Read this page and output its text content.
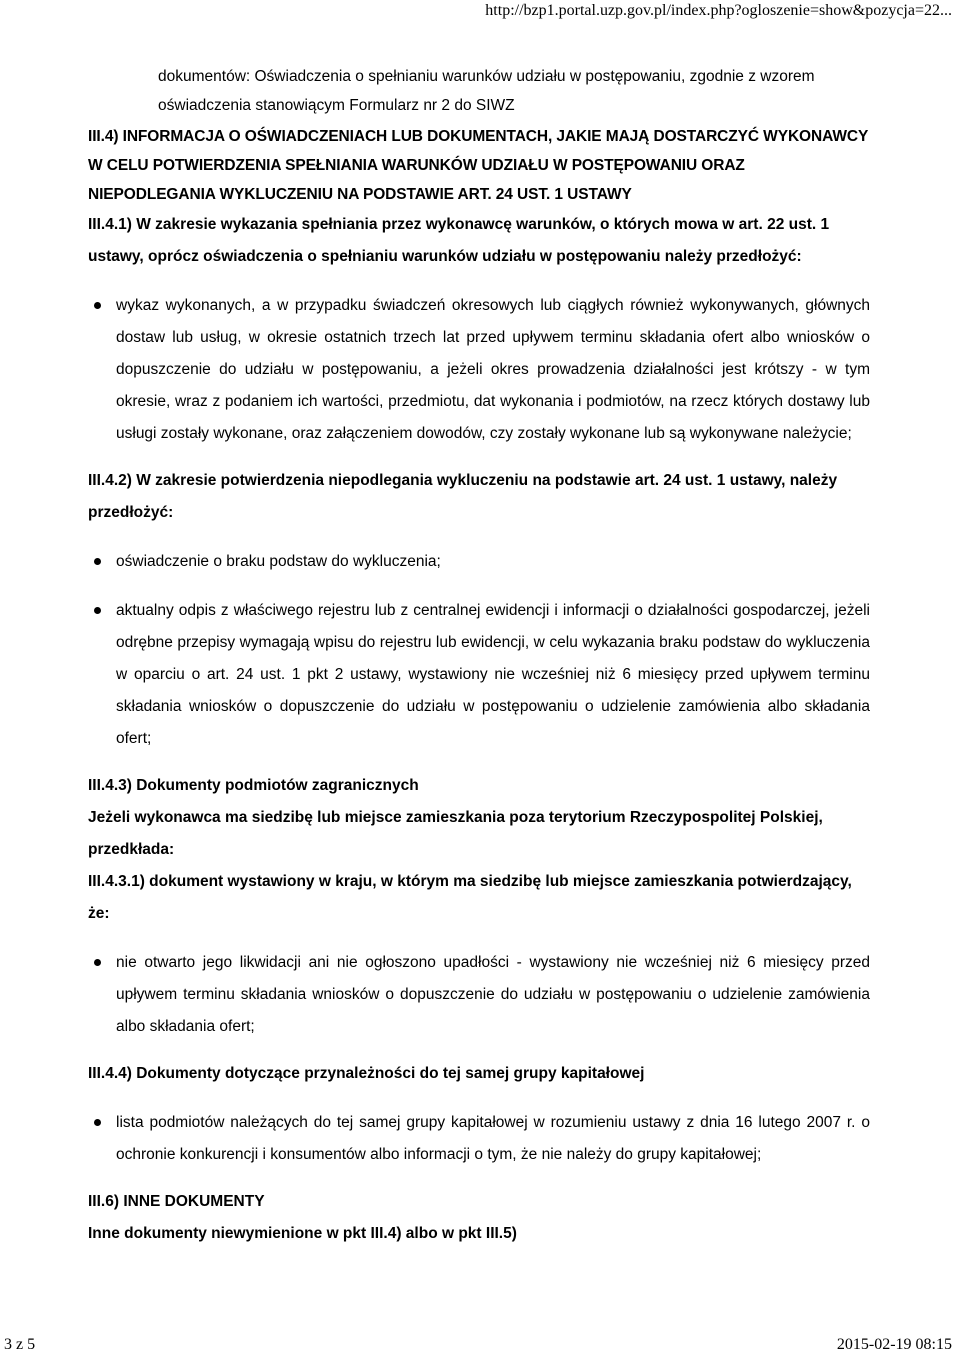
http://bzp1.portal.uzp.gov.pl/index.php?ogloszenie=show&pozycja=22...
dokumentów: Oświadczenia o spełnianiu warunków udziału w postępowaniu, zgodnie z wzorem
oświadczenia stanowiącym Formularz nr 2 do SIWZ
III.4) INFORMACJA O OŚWIADCZENIACH LUB DOKUMENTACH, JAKIE MAJĄ DOSTARCZYĆ WYKONAWCY W CELU POTWIERDZENIA SPEŁNIANIA WARUNKÓW UDZIAŁU W POSTĘPOWANIU ORAZ NIEPODLEGANIA WYKLUCZENIU NA PODSTAWIE ART. 24 UST. 1 USTAWY
III.4.1) W zakresie wykazania spełniania przez wykonawcę warunków, o których mowa w art. 22 ust. 1 ustawy, oprócz oświadczenia o spełnianiu warunków udziału w postępowaniu należy przedłożyć:
wykaz wykonanych, a w przypadku świadczeń okresowych lub ciągłych również wykonywanych, głównych dostaw lub usług, w okresie ostatnich trzech lat przed upływem terminu składania ofert albo wniosków o dopuszczenie do udziału w postępowaniu, a jeżeli okres prowadzenia działalności jest krótszy - w tym okresie, wraz z podaniem ich wartości, przedmiotu, dat wykonania i podmiotów, na rzecz których dostawy lub usługi zostały wykonane, oraz załączeniem dowodów, czy zostały wykonane lub są wykonywane należycie;
III.4.2) W zakresie potwierdzenia niepodlegania wykluczeniu na podstawie art. 24 ust. 1 ustawy, należy przedłożyć:
oświadczenie o braku podstaw do wykluczenia;
aktualny odpis z właściwego rejestru lub z centralnej ewidencji i informacji o działalności gospodarczej, jeżeli odrębne przepisy wymagają wpisu do rejestru lub ewidencji, w celu wykazania braku podstaw do wykluczenia w oparciu o art. 24 ust. 1 pkt 2 ustawy, wystawiony nie wcześniej niż 6 miesięcy przed upływem terminu składania wniosków o dopuszczenie do udziału w postępowaniu o udzielenie zamówienia albo składania ofert;
III.4.3) Dokumenty podmiotów zagranicznych
Jeżeli wykonawca ma siedzibę lub miejsce zamieszkania poza terytorium Rzeczypospolitej Polskiej, przedkłada:
III.4.3.1) dokument wystawiony w kraju, w którym ma siedzibę lub miejsce zamieszkania potwierdzający, że:
nie otwarto jego likwidacji ani nie ogłoszono upadłości - wystawiony nie wcześniej niż 6 miesięcy przed upływem terminu składania wniosków o dopuszczenie do udziału w postępowaniu o udzielenie zamówienia albo składania ofert;
III.4.4) Dokumenty dotyczące przynależności do tej samej grupy kapitałowej
lista podmiotów należących do tej samej grupy kapitałowej w rozumieniu ustawy z dnia 16 lutego 2007 r. o ochronie konkurencji i konsumentów albo informacji o tym, że nie należy do grupy kapitałowej;
III.6) INNE DOKUMENTY
Inne dokumenty niewymienione w pkt III.4) albo w pkt III.5)
3 z 5	2015-02-19 08:15
